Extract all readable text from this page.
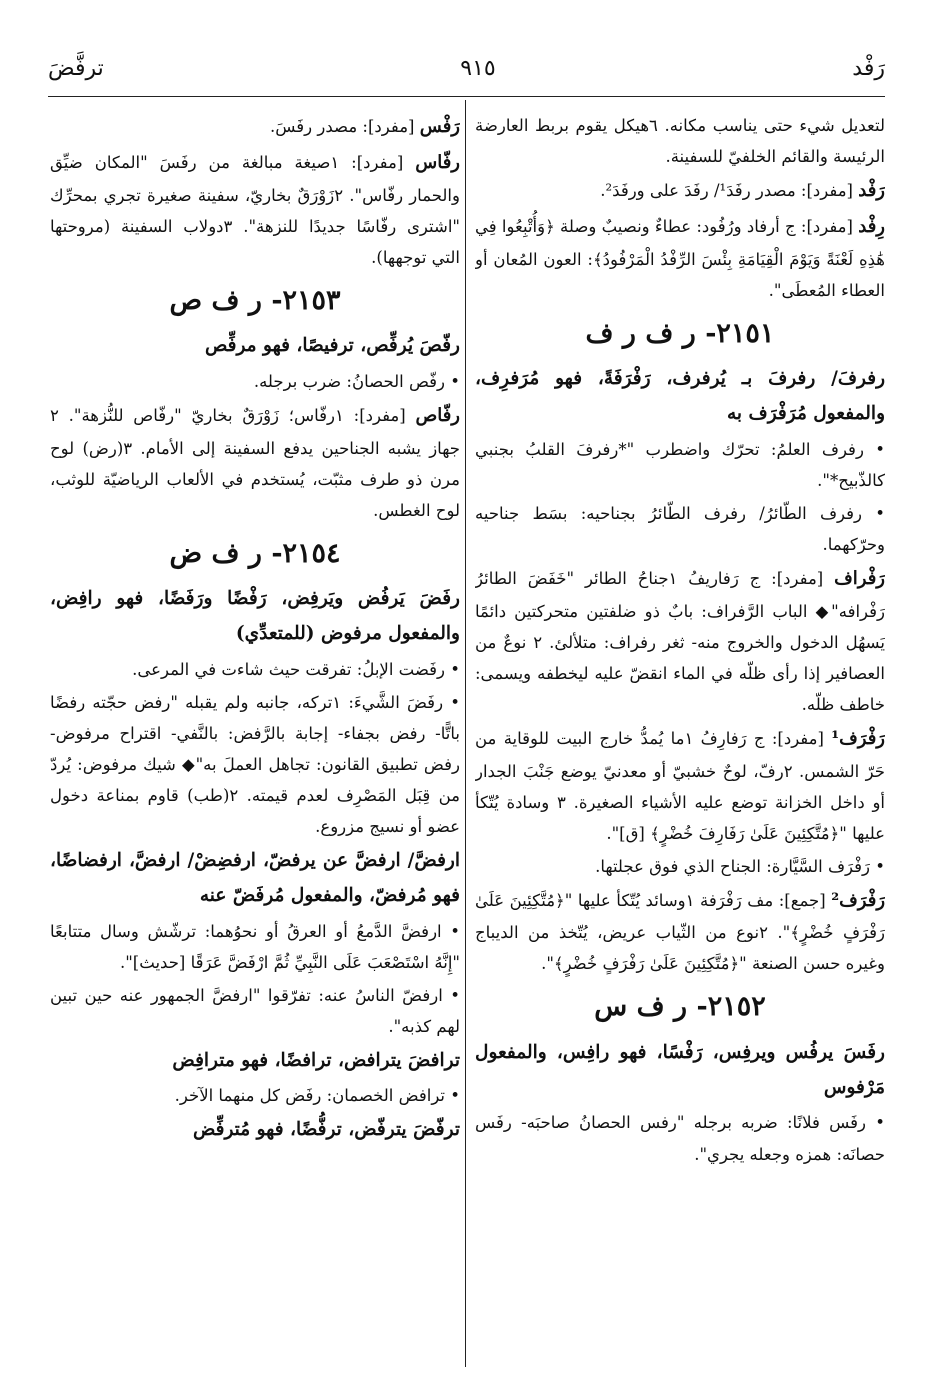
رَفْد
٩١٥
ترفَّضَ
لتعديل شيء حتى يناسب مكانه. ٦هيكل يقوم بربط العارضة الرئيسة والقائم الخلفيّ للسفينة.
رَفْد [مفرد]: مصدر رفَدَ¹/ رفَدَ على ورفَدَ².
رِفْد [مفرد]: ج أرفاد ورُفُود: عطاءٌ ونصيبٌ وصلة ﴿وَأُتْبِعُوا فِي هَٰذِهِ لَعْنَةً وَيَوْمَ الْقِيَامَةِ بِئْسَ الرِّفْدُ الْمَرْفُودُ﴾: العون المُعان أو العطاء المُعطَى".
٢١٥١- ر ف ر ف
رفرفَ/ رفرفَ بـ يُرفرف، رَفْرَفَةً، فهو مُرَفرِف، والمفعول مُرَفْرَف به
• رفرف العلمُ: تحرّك واضطرب "*رفرفَ القلبُ بجنبي كالذّبيح*".
• رفرف الطّائرُ/ رفرف الطّائرُ بجناحيه: بسَط جناحيه وحرّكهما.
رَفْراف [مفرد]: ج رَفاريفُ ١جناحُ الطائر "خَفَضَ الطائرُ رَفْرافه"◆ الباب الرَّفراف: بابٌ ذو ضلفتين متحركتين دائمًا يَسهُل الدخول والخروج منه- ثغر رفراف: متلألئ. ٢ نوعٌ من العصافير إذا رأى ظلّه في الماء انقضّ عليه ليخطفه ويسمى: خاطف ظلّه.
رَفْرَف¹ [مفرد]: ج رَفارِفُ ١ما يُمدُّ خارج البيت للوقاية من حَرّ الشمس. ٢رفّ، لوحٌ خشبيّ أو معدنيّ يوضع جَنْبَ الجدار أو داخل الخزانة توضع عليه الأشياء الصغيرة. ٣ وسادة يُتّكأ عليها "﴿مُتَّكِئِينَ عَلَىٰ رَفَارِفَ خُضْرٍ﴾ [ق]".
• رَفْرَف السَّيَّارة: الجناح الذي فوق عجلتها.
رَفْرَف² [جمع]: مف رَفْرَفة ١وسائد يُتّكأ عليها "﴿مُتَّكِئِينَ عَلَىٰ رَفْرَفٍ خُضْرٍ﴾". ٢نوع من الثّياب عريض، يُتّخذ من الديباج وغيره حسن الصنعة "﴿مُتَّكِئِينَ عَلَىٰ رَفْرَفٍ خُضْرٍ﴾".
٢١٥٢- ر ف س
رفَسَ يرفُس ويرفِس، رَفْسًا، فهو رافِس، والمفعول مَرْفوس
• رفَس فلانًا: ضربه برجله "رفس الحصانُ صاحبَه- رفَس حصانَه: همزه وجعله يجري".
رَفْس [مفرد]: مصدر رفَسَ.
رفّاس [مفرد]: ١صيغة مبالغة من رفَسَ "المكان ضيِّق والحمار رفّاس". ٢زَوْرَقٌ بخاريّ، سفينة صغيرة تجري بمحرِّك "اشترى رفّاسًا جديدًا للنزهة". ٣دولاب السفينة (مروحتها التي توجهها).
٢١٥٣- ر ف ص
رفّصَ يُرفِّص، ترفيصًا، فهو مرفِّص
• رفّص الحصانُ: ضرب برجله.
رفّاص [مفرد]: ١رفّاس؛ زَوْرَقٌ بخاريّ "رفّاص للنُّزهة". ٢ جهاز يشبه الجناحين يدفع السفينة إلى الأمام. ٣(رض) لوح مرن ذو طرف مثبّت، يُستخدم في الألعاب الرياضيّة للوثب، لوح الغطس.
٢١٥٤- ر ف ض
رفَضَ يَرفُض ويَرفِض، رَفْضًا ورَفَضًا، فهو رافِض، والمفعول مرفوض (للمتعدِّي)
• رفَضت الإبلُ: تفرقت حيث شاءت في المرعى.
• رفَضَ الشَّيءَ: ١تركه، جانبه ولم يقبله "رفض حجّته رفضًا باتًّا- رفض بجفاء- إجابة بالرَّفض: بالنَّفي- اقتراح مرفوض- رفض تطبيق القانون: تجاهل العملَ به"◆ شيك مرفوض: يُردّ من قِبَل المَصْرِف لعدم قيمته. ٢(طب) قاوم بمناعة دخول عضو أو نسيج مزروع.
ارفضَّ/ ارفضَّ عن يرفضّ، ارفضِضْ/ ارفضَّ، ارفضاضًا، فهو مُرفضّ، والمفعول مُرفَضّ عنه
• ارفضَّ الدَّمعُ أو العرقُ أو نحوُهما: ترشّش وسال متتابعًا "إِنَّهُ اسْتَصْعَبَ عَلَى النَّبِيِّ ثُمَّ ارْفَضَّ عَرَقًا [حديث]".
• ارفضّ الناسُ عنه: تفرّقوا "ارفضَّ الجمهور عنه حين تبين لهم كذبه".
ترافضَ يترافض، ترافضًا، فهو مترافِض
• ترافض الخصمان: رفَض كل منهما الآخر.
ترفّضَ يترفّض، ترفُّضًا، فهو مُترفِّض
